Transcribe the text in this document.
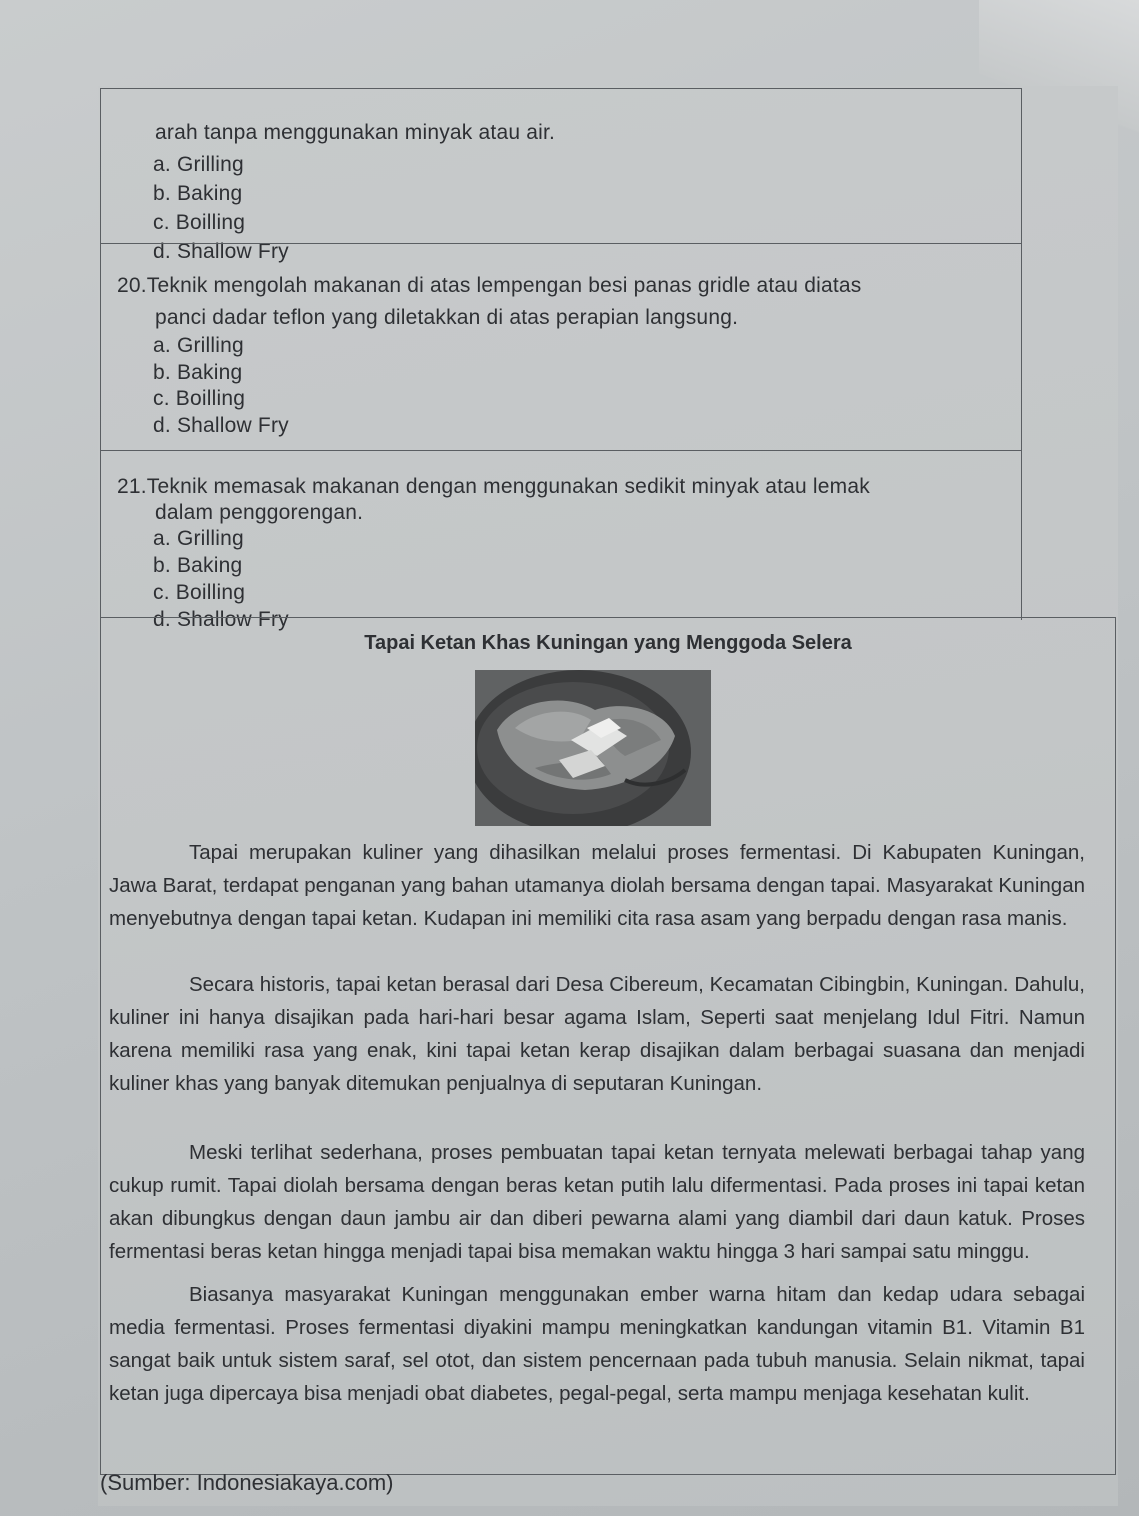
arah tanpa menggunakan minyak atau air.
a. Grilling
b. Baking
c. Boilling
d. Shallow Fry
20.Teknik mengolah makanan di atas lempengan besi panas gridle atau diatas
panci dadar teflon yang diletakkan di atas perapian langsung.
a. Grilling
b. Baking
c. Boilling
d. Shallow Fry
21.Teknik memasak makanan dengan menggunakan sedikit minyak atau lemak
dalam penggorengan.
a. Grilling
b. Baking
c. Boilling
d. Shallow Fry
Tapai Ketan Khas Kuningan yang Menggoda Selera

Tapai merupakan kuliner yang dihasilkan melalui proses fermentasi. Di Kabupaten Kuningan, Jawa Barat, terdapat penganan yang bahan utamanya diolah bersama dengan tapai. Masyarakat Kuningan menyebutnya dengan tapai ketan. Kudapan ini memiliki cita rasa asam yang berpadu dengan rasa manis.

Secara historis, tapai ketan berasal dari Desa Cibereum, Kecamatan Cibingbin, Kuningan. Dahulu, kuliner ini hanya disajikan pada hari-hari besar agama Islam, Seperti saat menjelang Idul Fitri. Namun karena memiliki rasa yang enak, kini tapai ketan kerap disajikan dalam berbagai suasana dan menjadi kuliner khas yang banyak ditemukan penjualnya di seputaran Kuningan.

Meski terlihat sederhana, proses pembuatan tapai ketan ternyata melewati berbagai tahap yang cukup rumit. Tapai diolah bersama dengan beras ketan putih lalu difermentasi. Pada proses ini tapai ketan akan dibungkus dengan daun jambu air dan diberi pewarna alami yang diambil dari daun katuk. Proses fermentasi beras ketan hingga menjadi tapai bisa memakan waktu hingga 3 hari sampai satu minggu.

Biasanya masyarakat Kuningan menggunakan ember warna hitam dan kedap udara sebagai media fermentasi. Proses fermentasi diyakini mampu meningkatkan kandungan vitamin B1. Vitamin B1 sangat baik untuk sistem saraf, sel otot, dan sistem pencernaan pada tubuh manusia. Selain nikmat, tapai ketan juga dipercaya bisa menjadi obat diabetes, pegal-pegal, serta mampu menjaga kesehatan kulit.

(Sumber: Indonesiakaya.com)
